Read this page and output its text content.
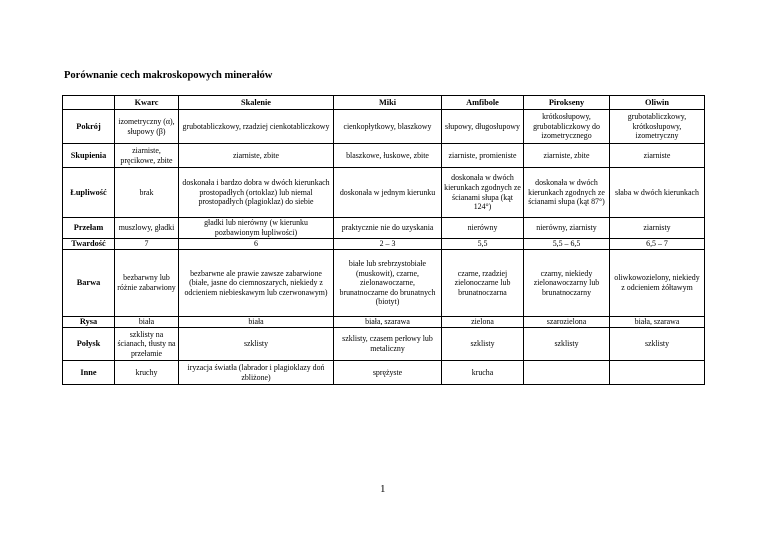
Porównanie cech makroskopowych minerałów
	Kwarc	Skalenie	Miki	Amfibole	Pirokseny	Oliwin
Pokrój	izometryczny (α), słupowy (β)	grubotabliczkowy, rzadziej cienkotabliczkowy	cienkopłytkowy, blaszkowy	słupowy, długosłupowy	krótkosłupowy, grubotabliczkowy do izometrycznego	grubotabliczkowy, krótkosłupowy, izometryczny
Skupienia	ziarniste, pręcikowe, zbite	ziarniste, zbite	blaszkowe, łuskowe, zbite	ziarniste, promieniste	ziarniste, zbite	ziarniste
Łupliwość	brak	doskonała i bardzo dobra w dwóch kierunkach prostopadłych (ortoklaz) lub niemal prostopadłych (plagioklaz) do siebie	doskonała w jednym kierunku	doskonała w dwóch kierunkach zgodnych ze ścianami słupa (kąt 124°)	doskonała w dwóch kierunkach zgodnych ze ścianami słupa (kąt 87°)	słaba w dwóch kierunkach
Przełam	muszlowy, gładki	gładki lub nierówny (w kierunku pozbawionym łupliwości)	praktycznie nie do uzyskania	nierówny	nierówny, ziarnisty	ziarnisty
Twardość	7	6	2 – 3	5,5	5,5 – 6,5	6,5 – 7
Barwa	bezbarwny lub różnie zabarwiony	bezbarwne ale prawie zawsze zabarwione (białe, jasne do ciemnoszarych, niekiedy z odcieniem niebieskawym lub czerwonawym)	białe lub srebrzystobiałe (muskowit), czarne, zielonawoczarne, brunatnoczarne do brunatnych (biotyt)	czarne, rzadziej zielonoczarne lub brunatnoczarna	czarny, niekiedy zielonawoczarny lub brunatnoczarny	oliwkowozielony, niekiedy z odcieniem żółtawym
Rysa	biała	biała	biała, szarawa	zielona	szarozielona	biała, szarawa
Połysk	szklisty na ścianach, tłusty na przełamie	szklisty	szklisty, czasem perłowy lub metaliczny	szklisty	szklisty	szklisty
Inne	kruchy	iryzacja światła (labrador i plagioklazy doń zbliżone)	sprężyste	krucha		
1
